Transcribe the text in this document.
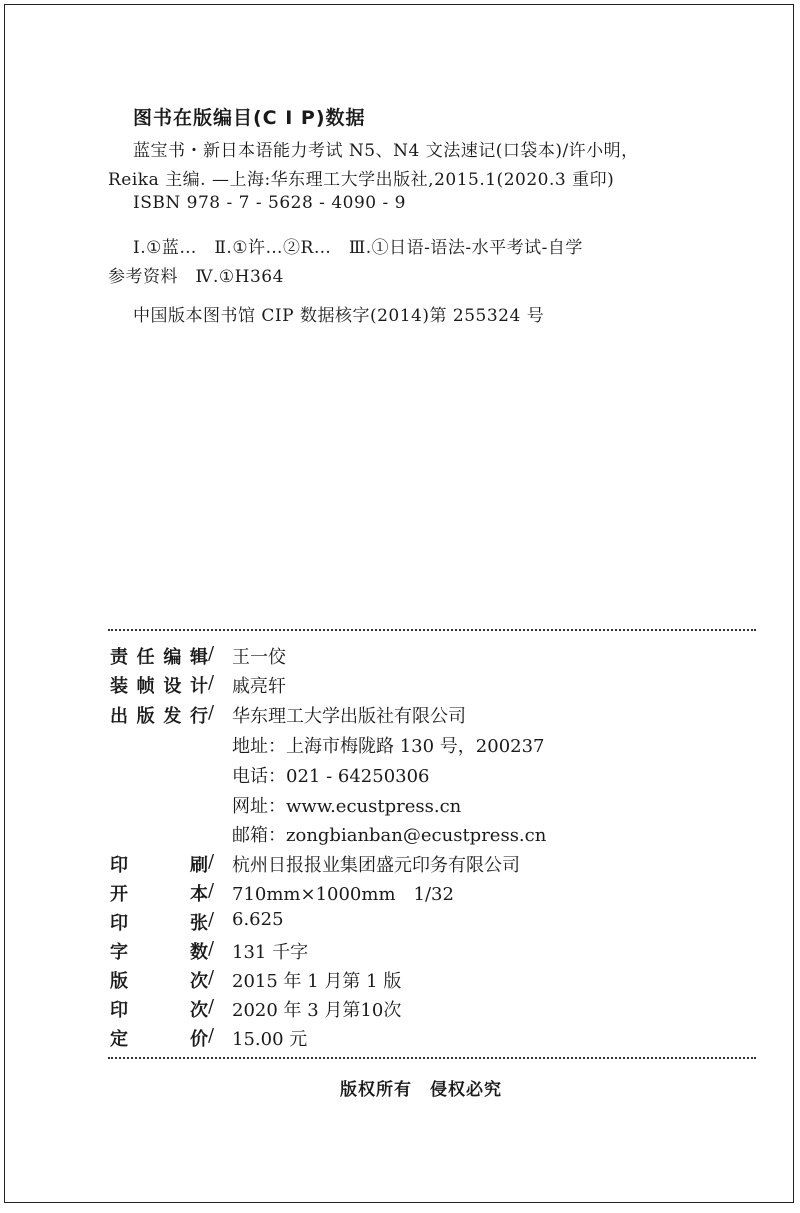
图书在版编目(C I P)数据
蓝宝书・新日本语能力考试 N5、N4 文法速记(口袋本)/许小明，
Reika 主编. —上海:华东理工大学出版社,2015.1(2020.3 重印)
ISBN 978 - 7 - 5628 - 4090 - 9
Ⅰ.①蓝…　Ⅱ.①许…②R…　Ⅲ.①日语-语法-水平考试-自学
参考资料　Ⅳ.①H364
中国版本图书馆 CIP 数据核字(2014)第 255324 号
责 任 编 辑 / 王一佼
装 帧 设 计 / 戚亮轩
出 版 发 行 / 华东理工大学出版社有限公司
地址：上海市梅陇路 130 号，200237
电话：021 - 64250306
网址：www.ecustpress.cn
邮箱：zongbianban@ecustpress.cn
印	刷 / 杭州日报报业集团盛元印务有限公司
开	本 / 710mm×1000mm　1/32
印	张 / 6.625
字	数 / 131 千字
版	次 / 2015 年 1 月第 1 版
印	次 / 2020 年 3 月第10次
定	价 / 15.00 元
版权所有　侵权必究
